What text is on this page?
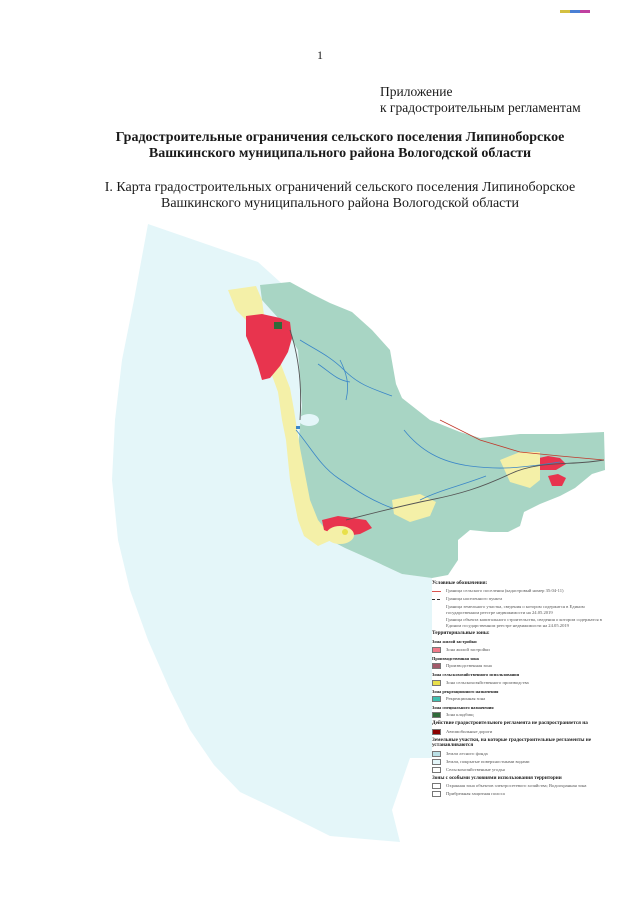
1
Приложение
к градостроительным регламентам
Градостроительные ограничения сельского поселения Липиноборское
Вашкинского муниципального района Вологодской области
I. Карта градостроительных ограничений сельского поселения Липиноборское
Вашкинского муниципального района Вологодской области
Условные обозначения:
Граница сельского поселения (кадастровый номер 35:04-11)
Граница населенного пункта
Граница земельного участка, сведения о котором содержатся в Едином государственном реестре недвижимости на 24.05.2019
Граница объекта капитального строительства, сведения о котором содержатся в Едином государственном реестре недвижимости на 24.05.2019
Территориальные зоны:
Зона жилой застройки
Зона жилой застройки
Производственная зона
Производственная зона
Зона сельскохозяйственного использования
Зона сельскохозяйственного производства
Зона рекреационного назначения
Рекреационная зона
Зона специального назначения
Зона кладбищ
Действие градостроительного регламента не распространяется на
Автомобильные дороги
Земельные участки, на которые градостроительные регламенты не устанавливаются
Земли лесного фонда
Земли, покрытые поверхностными водами
Сельскохозяйственные угодья
Зоны с особыми условиями использования территории
Охранная зона объектов электросетевого хозяйства; Водоохранная зона
Прибрежная защитная полоса
